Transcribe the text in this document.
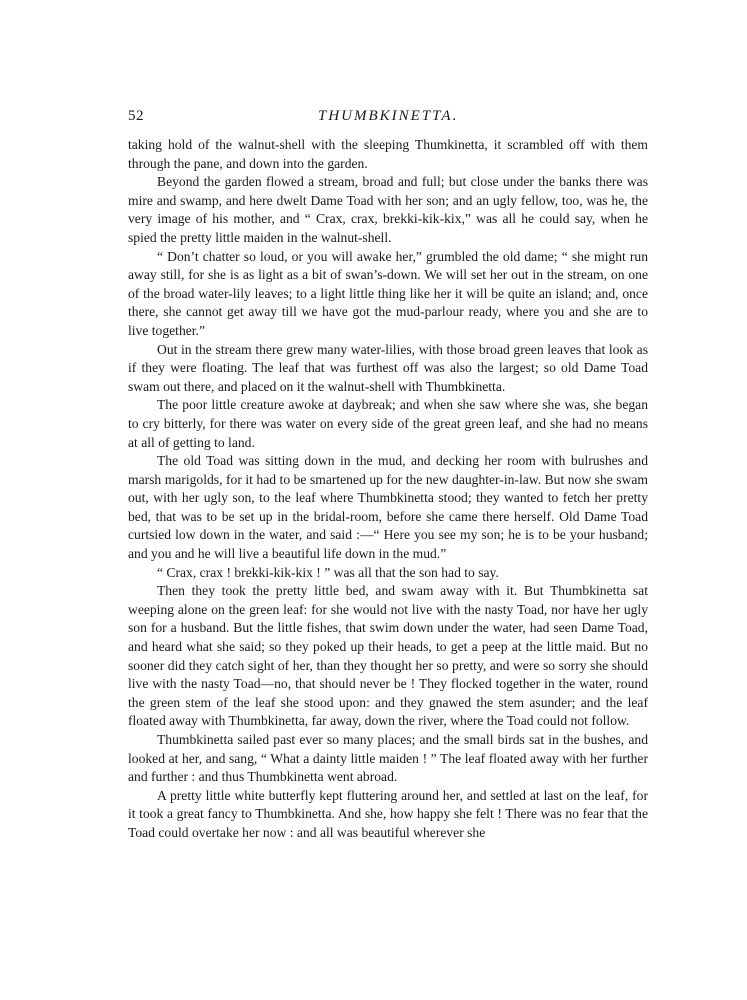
52	THUMBKINETTA.

taking hold of the walnut-shell with the sleeping Thumkinetta, it scrambled off with them through the pane, and down into the garden.

Beyond the garden flowed a stream, broad and full; but close under the banks there was mire and swamp, and here dwelt Dame Toad with her son; and an ugly fellow, too, was he, the very image of his mother, and “ Crax, crax, brekki-kik-kix,” was all he could say, when he spied the pretty little maiden in the walnut-shell.

“ Don’t chatter so loud, or you will awake her,” grumbled the old dame; “ she might run away still, for she is as light as a bit of swan’s-down. We will set her out in the stream, on one of the broad water-lily leaves; to a light little thing like her it will be quite an island; and, once there, she cannot get away till we have got the mud-parlour ready, where you and she are to live together.”

Out in the stream there grew many water-lilies, with those broad green leaves that look as if they were floating. The leaf that was furthest off was also the largest; so old Dame Toad swam out there, and placed on it the walnut-shell with Thumbkinetta.

The poor little creature awoke at daybreak; and when she saw where she was, she began to cry bitterly, for there was water on every side of the great green leaf, and she had no means at all of getting to land.

The old Toad was sitting down in the mud, and decking her room with bulrushes and marsh marigolds, for it had to be smartened up for the new daughter-in-law. But now she swam out, with her ugly son, to the leaf where Thumbkinetta stood; they wanted to fetch her pretty bed, that was to be set up in the bridal-room, before she came there herself. Old Dame Toad curtsied low down in the water, and said :—“ Here you see my son; he is to be your husband; and you and he will live a beautiful life down in the mud.”

“ Crax, crax ! brekki-kik-kix ! ” was all that the son had to say.

Then they took the pretty little bed, and swam away with it. But Thumbkinetta sat weeping alone on the green leaf: for she would not live with the nasty Toad, nor have her ugly son for a husband. But the little fishes, that swim down under the water, had seen Dame Toad, and heard what she said; so they poked up their heads, to get a peep at the little maid. But no sooner did they catch sight of her, than they thought her so pretty, and were so sorry she should live with the nasty Toad—no, that should never be ! They flocked together in the water, round the green stem of the leaf she stood upon: and they gnawed the stem asunder; and the leaf floated away with Thumbkinetta, far away, down the river, where the Toad could not follow.

Thumbkinetta sailed past ever so many places; and the small birds sat in the bushes, and looked at her, and sang, “ What a dainty little maiden ! ” The leaf floated away with her further and further : and thus Thumbkinetta went abroad.

A pretty little white butterfly kept fluttering around her, and settled at last on the leaf, for it took a great fancy to Thumbkinetta. And she, how happy she felt ! There was no fear that the Toad could overtake her now : and all was beautiful wherever she
